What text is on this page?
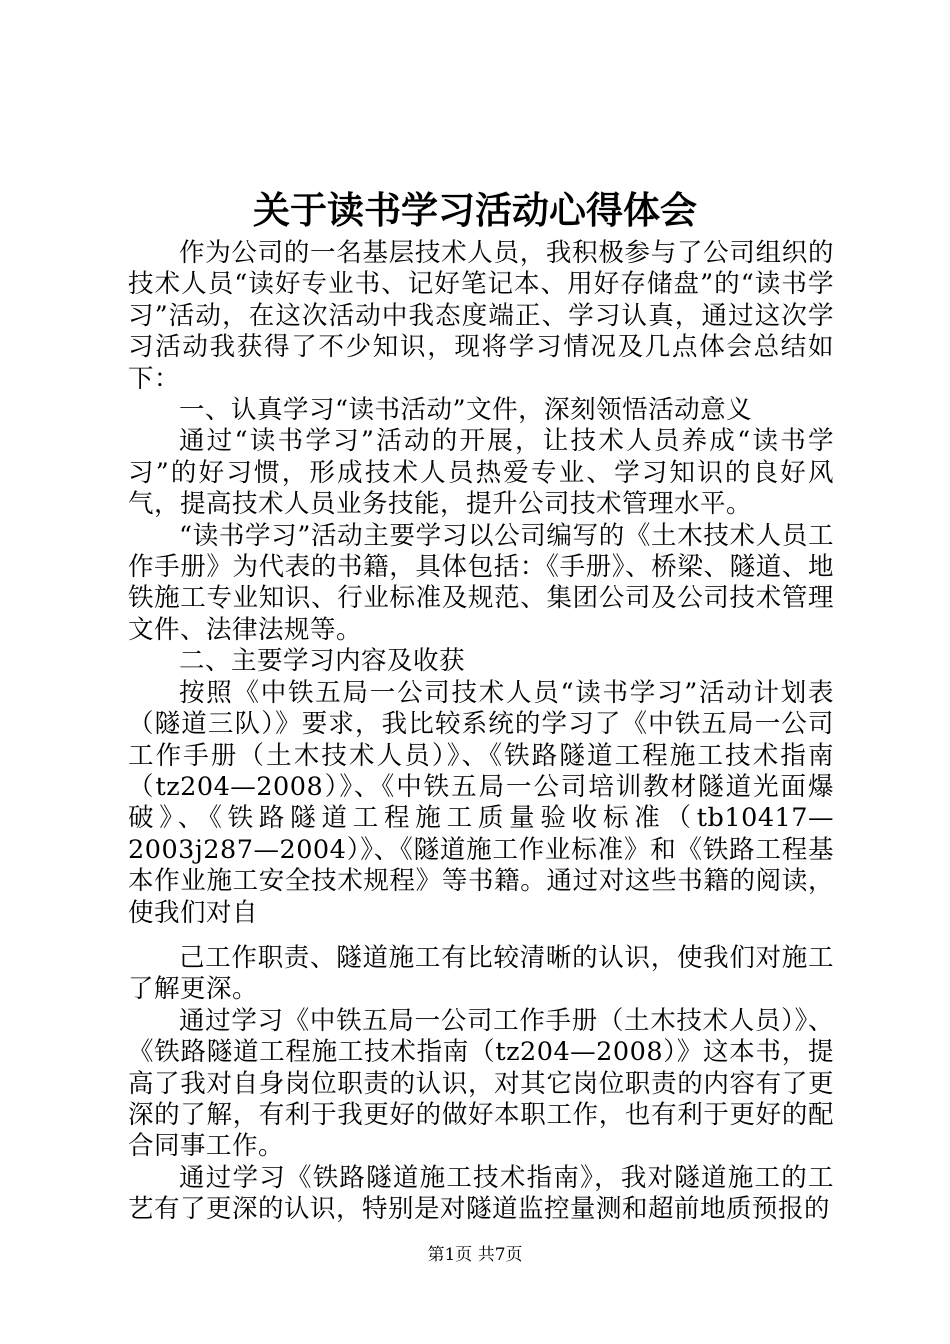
关于读书学习活动心得体会

作为公司的一名基层技术人员，我积极参与了公司组织的技术人员“读好专业书、记好笔记本、用好存储盘”的“读书学习”活动，在这次活动中我态度端正、学习认真，通过这次学习活动我获得了不少知识，现将学习情况及几点体会总结如下：

一、认真学习“读书活动”文件，深刻领悟活动意义

通过“读书学习”活动的开展，让技术人员养成“读书学习”的好习惯，形成技术人员热爱专业、学习知识的良好风气，提高技术人员业务技能，提升公司技术管理水平。

“读书学习”活动主要学习以公司编写的《土木技术人员工作手册》为代表的书籍，具体包括：《手册》、桥梁、隧道、地铁施工专业知识、行业标准及规范、集团公司及公司技术管理文件、法律法规等。

二、主要学习内容及收获

按照《中铁五局一公司技术人员“读书学习”活动计划表（隧道三队）》要求，我比较系统的学习了《中铁五局一公司工作手册（土木技术人员）》、《铁路隧道工程施工技术指南（tz204—2008）》、《中铁五局一公司培训教材隧道光面爆破》、《铁路隧道工程施工质量验收标准（tb10417—2003j287—2004）》、《隧道施工作业标准》和《铁路工程基本作业施工安全技术规程》等书籍。通过对这些书籍的阅读，使我们对自

己工作职责、隧道施工有比较清晰的认识，使我们对施工了解更深。

通过学习《中铁五局一公司工作手册（土木技术人员）》、《铁路隧道工程施工技术指南（tz204—2008）》这本书，提高了我对自身岗位职责的认识，对其它岗位职责的内容有了更深的了解，有利于我更好的做好本职工作，也有利于更好的配合同事工作。

通过学习《铁路隧道施工技术指南》，我对隧道施工的工艺有了更深的认识，特别是对隧道监控量测和超前地质预报的

第1页 共7页
